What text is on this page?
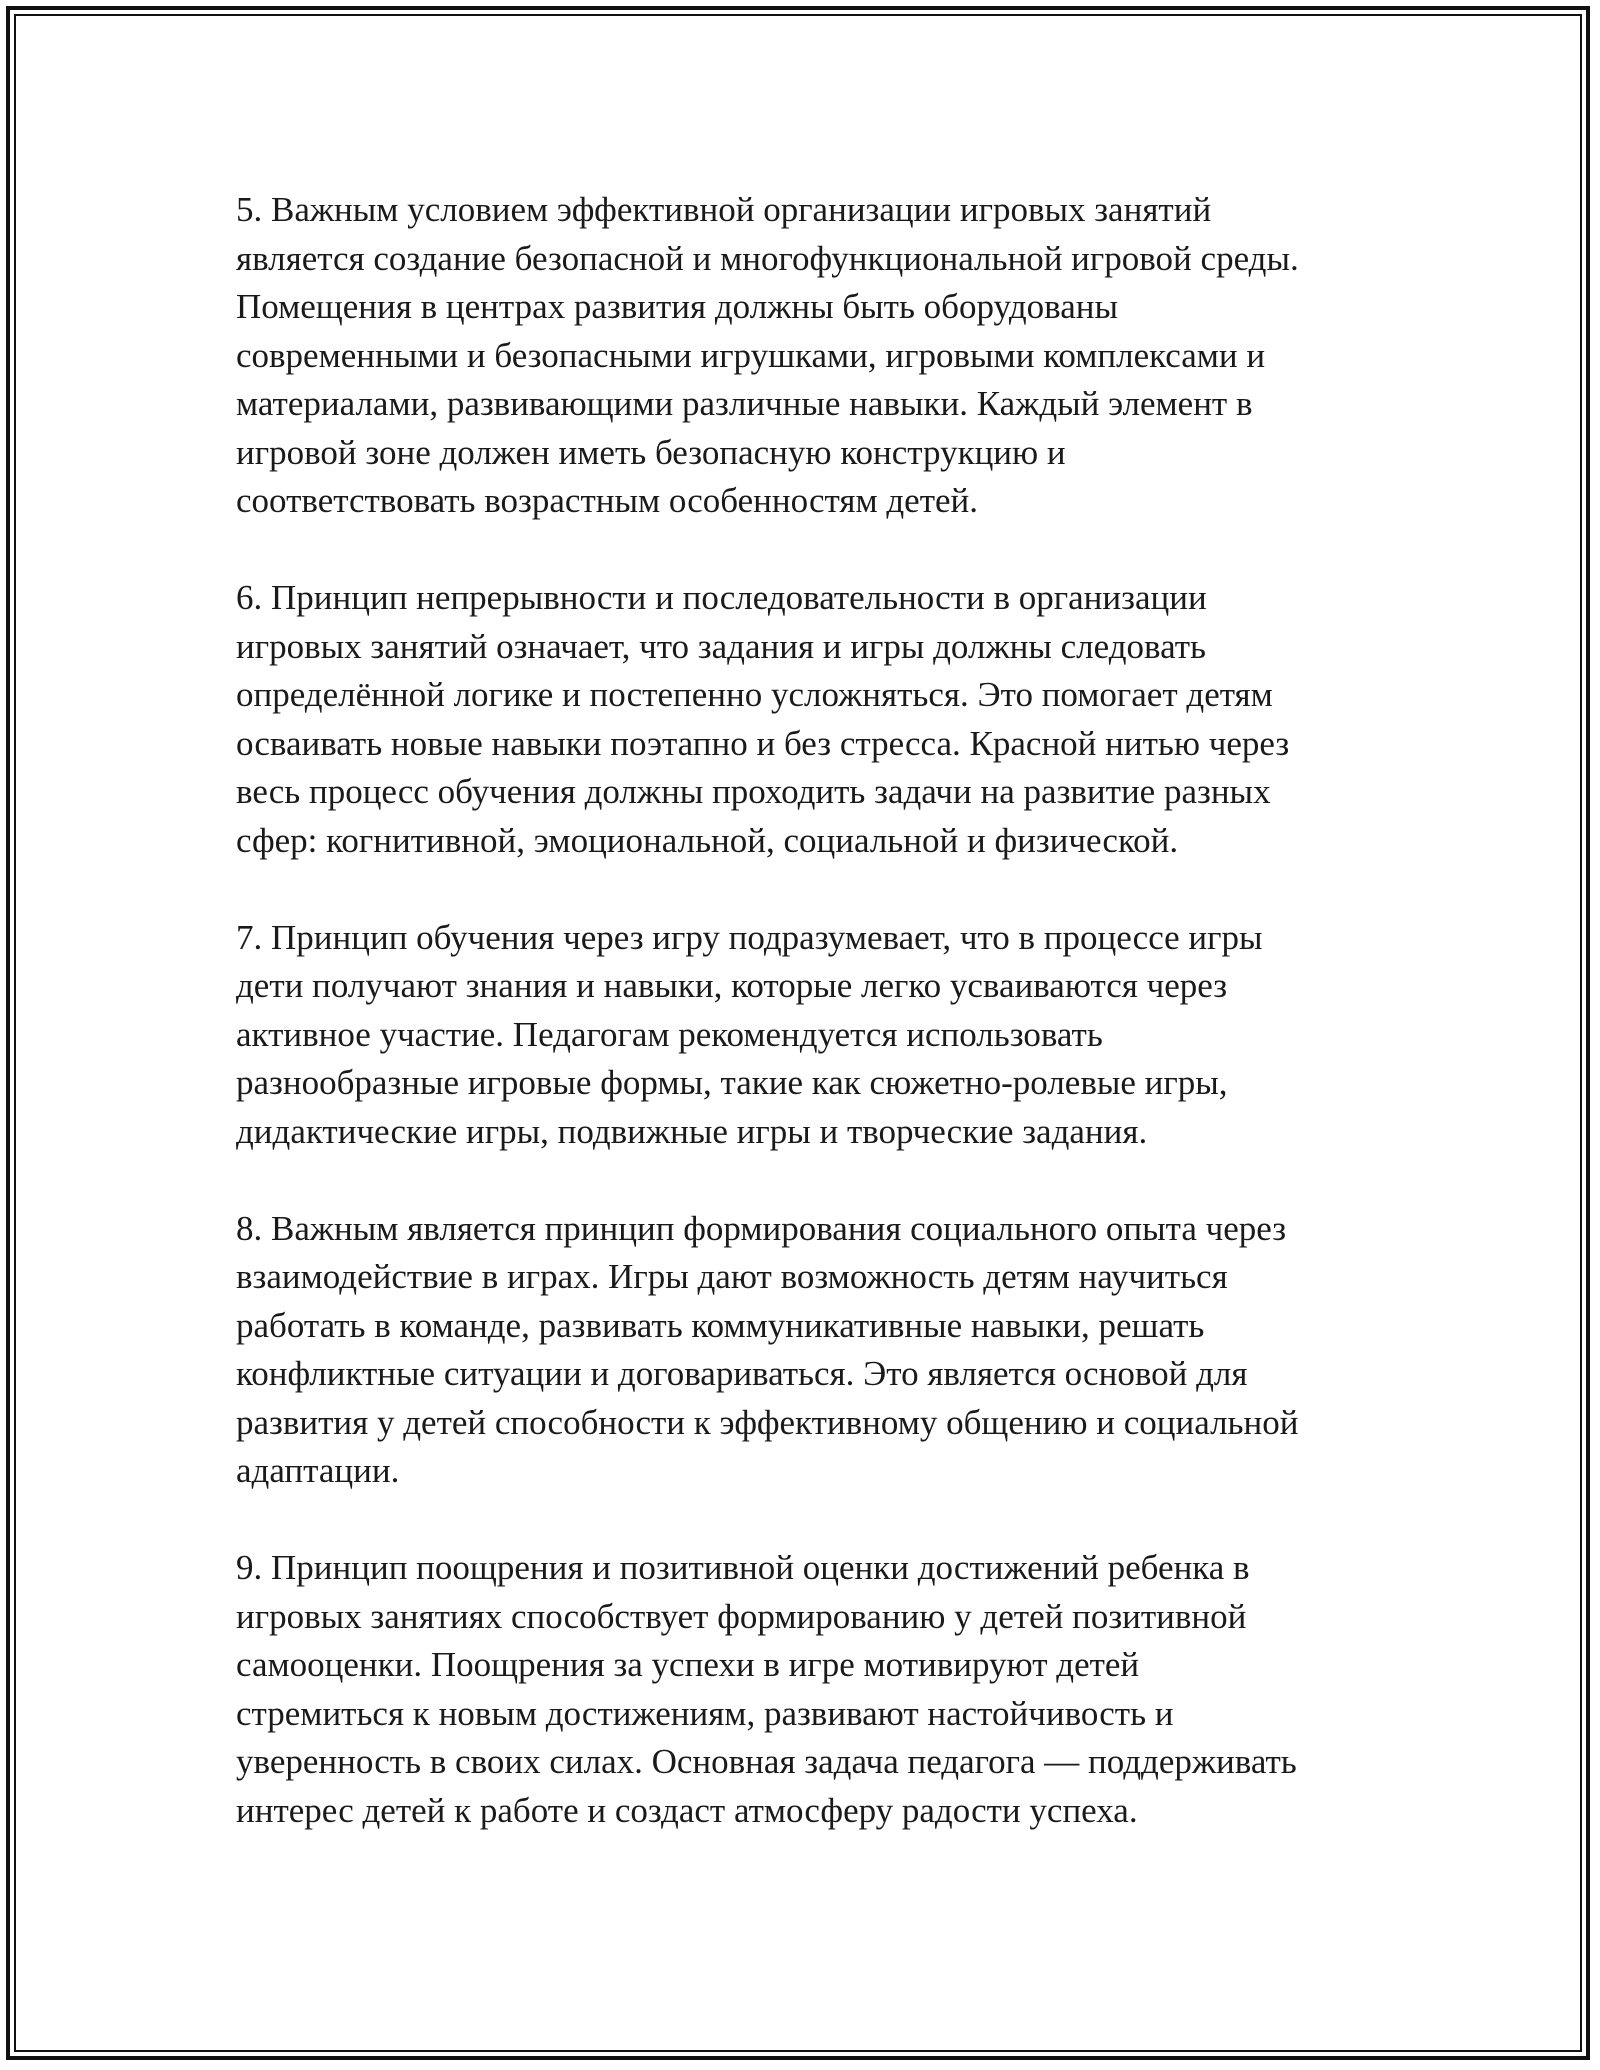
5. Важным условием эффективной организации игровых занятий
является создание безопасной и многофункциональной игровой среды.
Помещения в центрах развития должны быть оборудованы
современными и безопасными игрушками, игровыми комплексами и
материалами, развивающими различные навыки. Каждый элемент в
игровой зоне должен иметь безопасную конструкцию и
соответствовать возрастным особенностям детей.

6. Принцип непрерывности и последовательности в организации
игровых занятий означает, что задания и игры должны следовать
определённой логике и постепенно усложняться. Это помогает детям
осваивать новые навыки поэтапно и без стресса. Красной нитью через
весь процесс обучения должны проходить задачи на развитие разных
сфер: когнитивной, эмоциональной, социальной и физической.

7. Принцип обучения через игру подразумевает, что в процессе игры
дети получают знания и навыки, которые легко усваиваются через
активное участие. Педагогам рекомендуется использовать
разнообразные игровые формы, такие как сюжетно-ролевые игры,
дидактические игры, подвижные игры и творческие задания.

8. Важным является принцип формирования социального опыта через
взаимодействие в играх. Игры дают возможность детям научиться
работать в команде, развивать коммуникативные навыки, решать
конфликтные ситуации и договариваться. Это является основой для
развития у детей способности к эффективному общению и социальной
адаптации.

9. Принцип поощрения и позитивной оценки достижений ребенка в
игровых занятиях способствует формированию у детей позитивной
самооценки. Поощрения за успехи в игре мотивируют детей
стремиться к новым достижениям, развивают настойчивость и
уверенность в своих силах. Основная задача педагога — поддерживать
интерес детей к работе и создаст атмосферу радости успеха.
